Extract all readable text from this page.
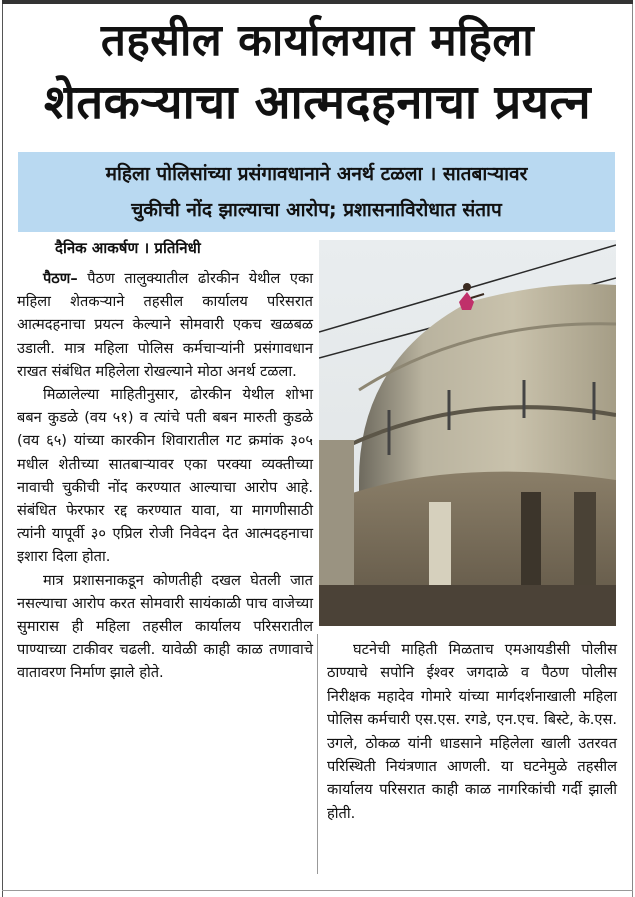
तहसील कार्यालयात महिला
शेतकऱ्याचा आत्मदहनाचा प्रयत्न
महिला पोलिसांच्या प्रसंगावधानाने अनर्थ टळला । सातबाऱ्यावर
चुकीची नोंद झाल्याचा आरोप; प्रशासनाविरोधात संताप
दैनिक आकर्षण । प्रतिनिधी

पैठण– पैठण तालुक्यातील ढोरकीन येथील एका महिला शेतकऱ्याने तहसील कार्यालय परिसरात आत्मदहनाचा प्रयत्न केल्याने सोमवारी एकच खळबळ उडाली. मात्र महिला पोलिस कर्मचाऱ्यांनी प्रसंगावधान राखत संबंधित महिलेला रोखल्याने मोठा अनर्थ टळला.

मिळालेल्या माहितीनुसार, ढोरकीन येथील शोभा बबन कुडळे (वय ५१) व त्यांचे पती बबन मारुती कुडळे (वय ६५) यांच्या कारकीन शिवारातील गट क्रमांक ३०५ मधील शेतीच्या सातबाऱ्यावर एका परक्या व्यक्तीच्या नावाची चुकीची नोंद करण्यात आल्याचा आरोप आहे. संबंधित फेरफार रद्द करण्यात यावा, या मागणीसाठी त्यांनी यापूर्वी ३० एप्रिल रोजी निवेदन देत आत्मदहनाचा इशारा दिला होता.

मात्र प्रशासनाकडून कोणतीही दखल घेतली जात नसल्याचा आरोप करत सोमवारी सायंकाळी पाच वाजेच्या सुमारास ही महिला तहसील कार्यालय परिसरातील पाण्याच्या टाकीवर चढली. यावेळी काही काळ तणावाचे वातावरण निर्माण झाले होते.

घटनेची माहिती मिळताच एमआयडीसी पोलीस ठाण्याचे सपोनि ईश्वर जगदाळे व पैठण पोलीस निरीक्षक महादेव गोमारे यांच्या मार्गदर्शनाखाली महिला पोलिस कर्मचारी एस.एस. रगडे, एन.एच. बिस्टे, के.एस. उगले, ठोकळ यांनी धाडसाने महिलेला खाली उतरवत परिस्थिती नियंत्रणात आणली. या घटनेमुळे तहसील कार्यालय परिसरात काही काळ नागरिकांची गर्दी झाली होती.
